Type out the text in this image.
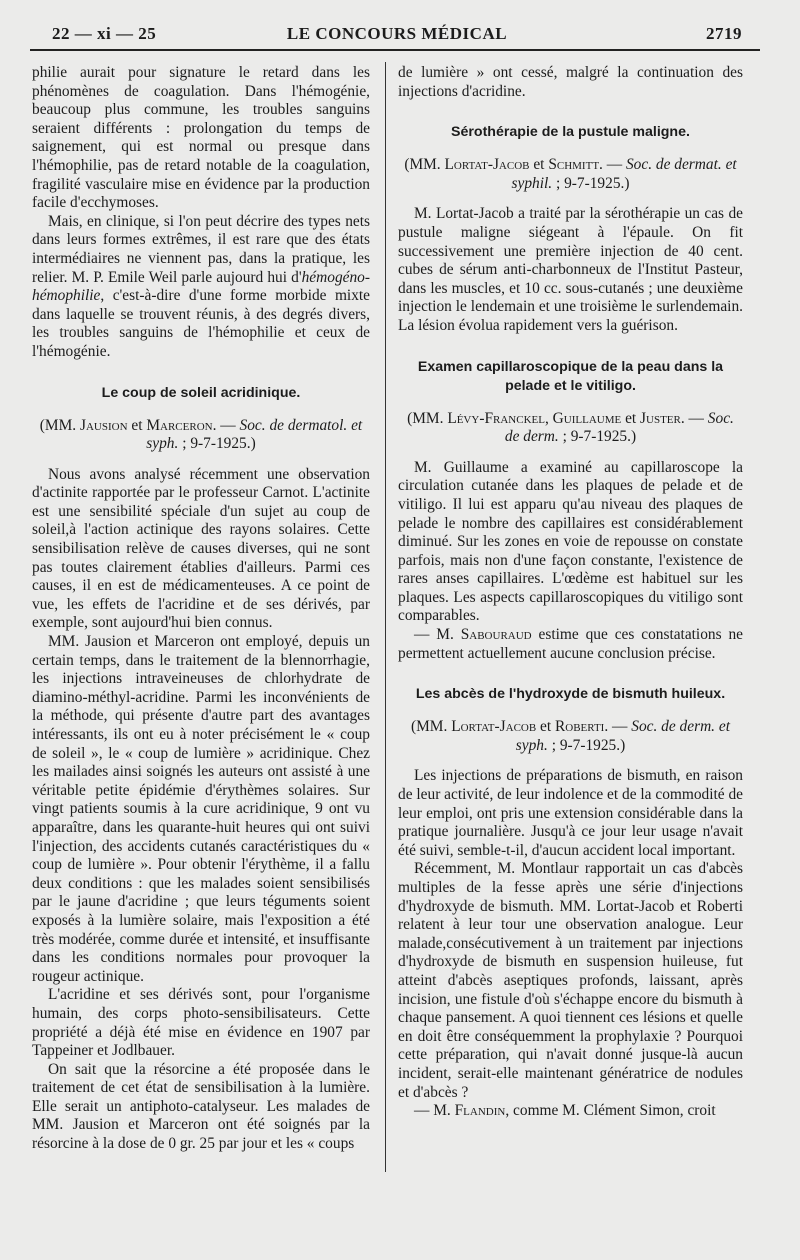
22 — xi — 25	LE CONCOURS MÉDICAL	2719

philie aurait pour signature le retard dans les phénomènes de coagulation. Dans l'hémogénie, beaucoup plus commune, les troubles sanguins seraient différents : prolongation du temps de saignement, qui est normal ou presque dans l'hémophilie, pas de retard notable de la coagulation, fragilité vasculaire mise en évidence par la production facile d'ecchymoses.

Mais, en clinique, si l'on peut décrire des types nets dans leurs formes extrêmes, il est rare que des états intermédiaires ne viennent pas, dans la pratique, les relier. M. P. Emile Weil parle aujourd hui d'hémogéno-hémophilie, c'est-à-dire d'une forme morbide mixte dans laquelle se trouvent réunis, à des degrés divers, les troubles sanguins de l'hémophilie et ceux de l'hémogénie.

Le coup de soleil acridinique.

(MM. Jausion et Marceron. — Soc. de dermatol. et syph. ; 9-7-1925.)

Nous avons analysé récemment une observation d'actinite rapportée par le professeur Carnot. L'actinite est une sensibilité spéciale d'un sujet au coup de soleil,à l'action actinique des rayons solaires. Cette sensibilisation relève de causes diverses, qui ne sont pas toutes clairement établies d'ailleurs. Parmi ces causes, il en est de médicamenteuses. A ce point de vue, les effets de l'acridine et de ses dérivés, par exemple, sont aujourd'hui bien connus.

MM. Jausion et Marceron ont employé, depuis un certain temps, dans le traitement de la blennorrhagie, les injections intraveineuses de chlorhydrate de diamino-méthyl-acridine. Parmi les inconvénients de la méthode, qui présente d'autre part des avantages intéressants, ils ont eu à noter précisément le « coup de soleil », le « coup de lumière » acridinique. Chez les mailades ainsi soignés les auteurs ont assisté à une véritable petite épidémie d'érythèmes solaires. Sur vingt patients soumis à la cure acridinique, 9 ont vu apparaître, dans les quarante-huit heures qui ont suivi l'injection, des accidents cutanés caractéristiques du « coup de lumière ». Pour obtenir l'érythème, il a fallu deux conditions : que les malades soient sensibilisés par le jaune d'acridine ; que leurs téguments soient exposés à la lumière solaire, mais l'exposition a été très modérée, comme durée et intensité, et insuffisante dans les conditions normales pour provoquer la rougeur actinique.

L'acridine et ses dérivés sont, pour l'organisme humain, des corps photo-sensibilisateurs. Cette propriété a déjà été mise en évidence en 1907 par Tappeiner et Jodlbauer.

On sait que la résorcine a été proposée dans le traitement de cet état de sensibilisation à la lumière. Elle serait un antiphoto-catalyseur. Les malades de MM. Jausion et Marceron ont été soignés par la résorcine à la dose de 0 gr. 25 par jour et les « coups

de lumière » ont cessé, malgré la continuation des injections d'acridine.

Sérothérapie de la pustule maligne.

(MM. Lortat-Jacob et Schmitt. — Soc. de dermat. et syphil. ; 9-7-1925.)

M. Lortat-Jacob a traité par la sérothérapie un cas de pustule maligne siégeant à l'épaule. On fit successivement une première injection de 40 cent. cubes de sérum anti-charbonneux de l'Institut Pasteur, dans les muscles, et 10 cc. sous-cutanés ; une deuxième injection le lendemain et une troisième le surlendemain. La lésion évolua rapidement vers la guérison.

Examen capillaroscopique de la peau dans la pelade et le vitiligo.

(MM. Lévy-Franckel, Guillaume et Juster. — Soc. de derm. ; 9-7-1925.)

M. Guillaume a examiné au capillaroscope la circulation cutanée dans les plaques de pelade et de vitiligo. Il lui est apparu qu'au niveau des plaques de pelade le nombre des capillaires est considérablement diminué. Sur les zones en voie de repousse on constate parfois, mais non d'une façon constante, l'existence de rares anses capillaires. L'œdème est habituel sur les plaques. Les aspects capillaroscopiques du vitiligo sont comparables.

— M. Sabouraud estime que ces constatations ne permettent actuellement aucune conclusion précise.

Les abcès de l'hydroxyde de bismuth huileux.

(MM. Lortat-Jacob et Roberti. — Soc. de derm. et syph. ; 9-7-1925.)

Les injections de préparations de bismuth, en raison de leur activité, de leur indolence et de la commodité de leur emploi, ont pris une extension considérable dans la pratique journalière. Jusqu'à ce jour leur usage n'avait été suivi, semble-t-il, d'aucun accident local important.

Récemment, M. Montlaur rapportait un cas d'abcès multiples de la fesse après une série d'injections d'hydroxyde de bismuth. MM. Lortat-Jacob et Roberti relatent à leur tour une observation analogue. Leur malade,consécutivement à un traitement par injections d'hydroxyde de bismuth en suspension huileuse, fut atteint d'abcès aseptiques profonds, laissant, après incision, une fistule d'où s'échappe encore du bismuth à chaque pansement. A quoi tiennent ces lésions et quelle en doit être conséquemment la prophylaxie ? Pourquoi cette préparation, qui n'avait donné jusque-là aucun incident, serait-elle maintenant génératrice de nodules et d'abcès ?

— M. Flandin, comme M. Clément Simon, croit
